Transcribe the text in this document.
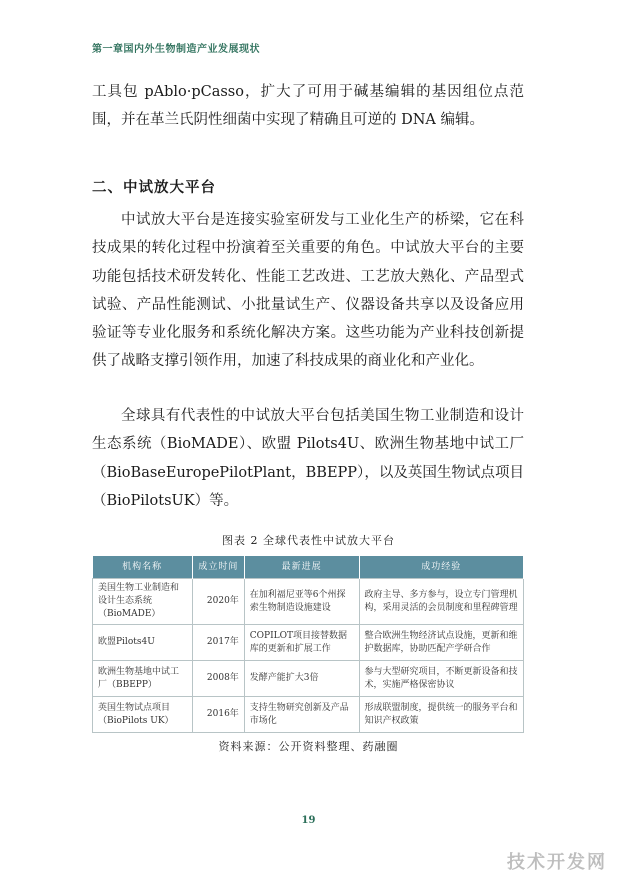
第一章国内外生物制造产业发展现状
工具包 pAblo·pCasso，扩大了可用于碱基编辑的基因组位点范围，并在革兰氏阴性细菌中实现了精确且可逆的 DNA 编辑。
二、中试放大平台
中试放大平台是连接实验室研发与工业化生产的桥梁，它在科技成果的转化过程中扮演着至关重要的角色。中试放大平台的主要功能包括技术研发转化、性能工艺改进、工艺放大熟化、产品型式试验、产品性能测试、小批量试生产、仪器设备共享以及设备应用验证等专业化服务和系统化解决方案。这些功能为产业科技创新提供了战略支撑引领作用，加速了科技成果的商业化和产业化。
全球具有代表性的中试放大平台包括美国生物工业制造和设计生态系统（BioMADE）、欧盟 Pilots4U、欧洲生物基地中试工厂（BioBaseEuropePilotPlant，BBEPP），以及英国生物试点项目（BioPilotsUK）等。
图表 2 全球代表性中试放大平台
机构名称	成立时间	最新进展	成功经验
美国生物工业制造和设计生态系统（BioMADE）	2020年	在加利福尼亚等6个州探索生物制造设施建设	政府主导、多方参与，设立专门管理机构，采用灵活的会员制度和里程碑管理
欧盟Pilots4U	2017年	COPILOT项目接替数据库的更新和扩展工作	整合欧洲生物经济试点设施，更新和维护数据库，协助匹配产学研合作
欧洲生物基地中试工厂（BBEPP）	2008年	发酵产能扩大3倍	参与大型研究项目，不断更新设备和技术，实施严格保密协议
英国生物试点项目（BioPilots UK）	2016年	支持生物研究创新及产品市场化	形成联盟制度，提供统一的服务平台和知识产权政策
资料来源：公开资料整理、药融圈
19
技术开发网
